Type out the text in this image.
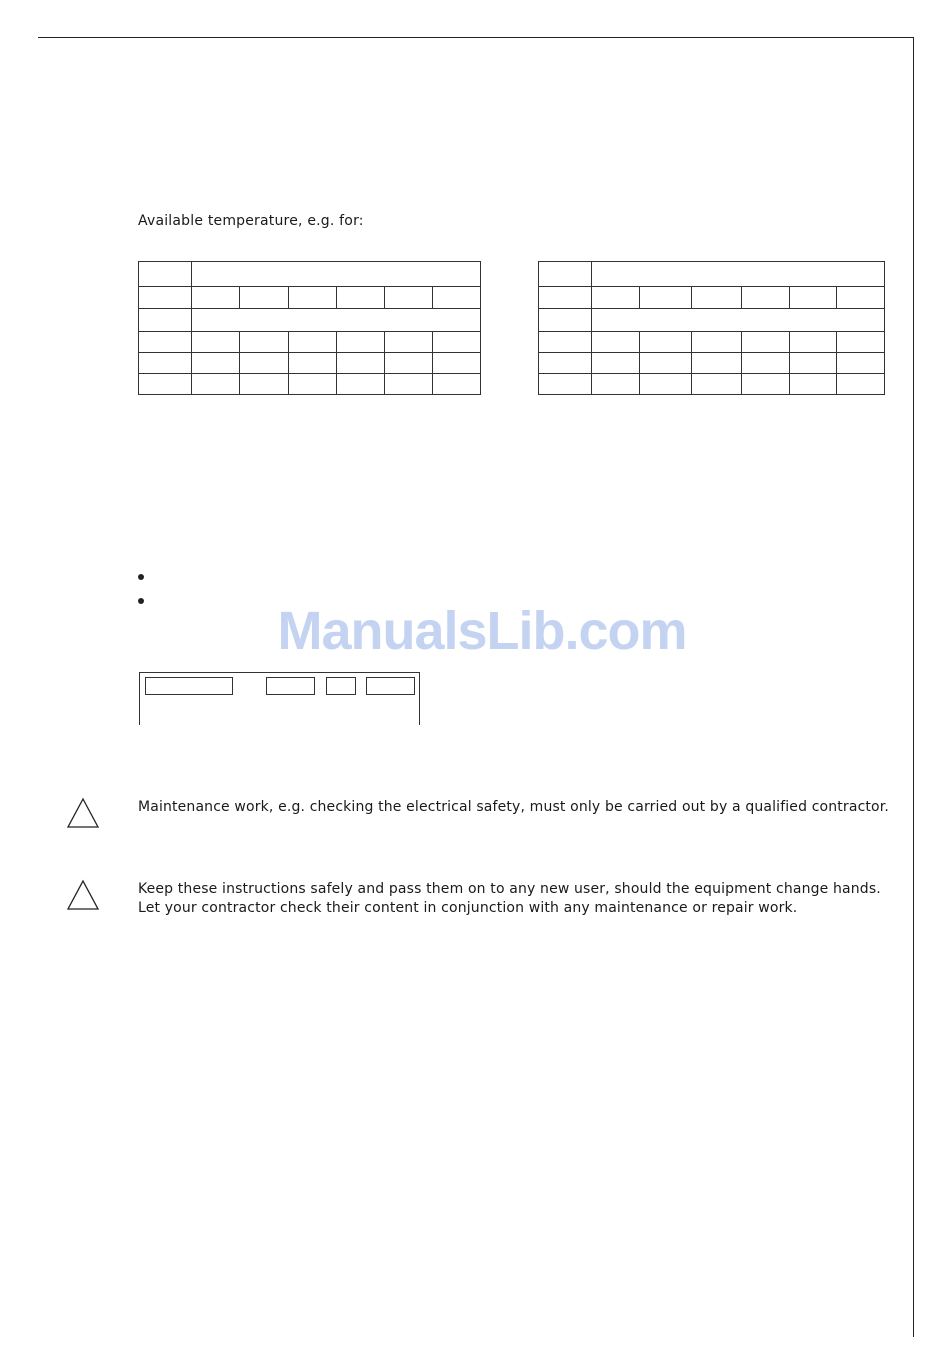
Available temperature, e.g. for:

ManualsLib.com
Maintenance work, e.g. checking the electrical safety, must only be carried out by a qualified contractor.
Keep these instructions safely and pass them on to any new user, should the equipment change hands.
Let your contractor check their content in conjunction with any maintenance or repair work.
